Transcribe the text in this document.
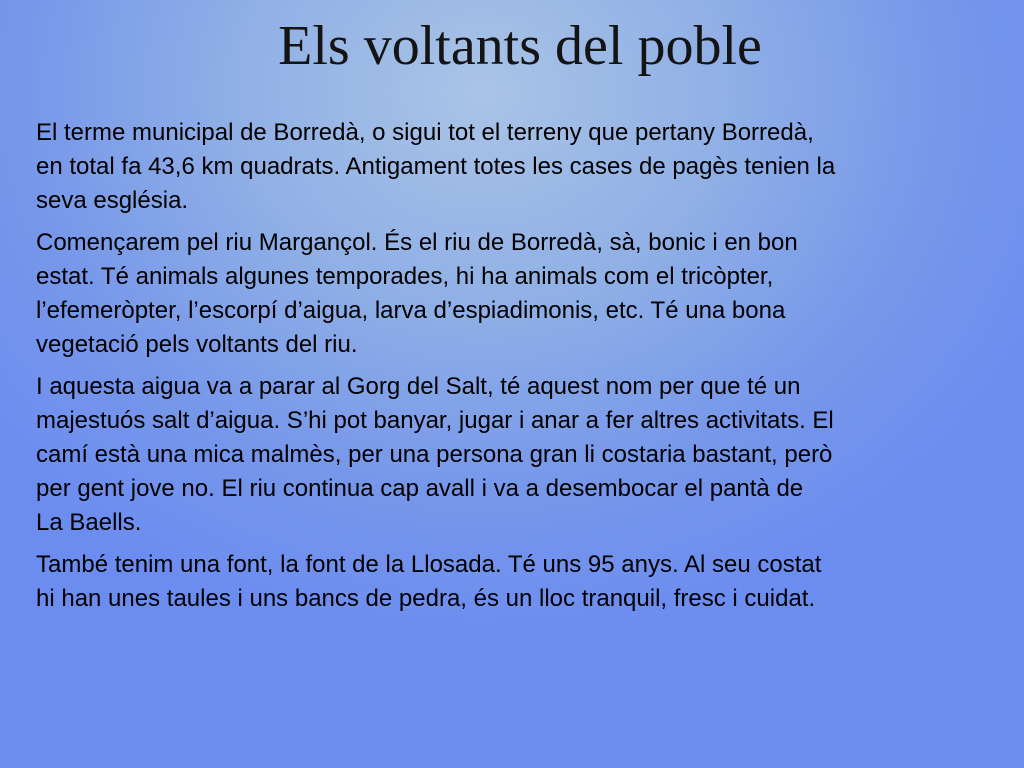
Els voltants del poble

El terme municipal de Borredà, o sigui tot el terreny que pertany Borredà,
en total fa 43,6 km quadrats. Antigament totes les cases de pagès tenien la
seva església.

Començarem pel riu Margançol. És el riu de Borredà, sà, bonic i en bon
estat. Té animals algunes temporades, hi ha animals com el tricòpter,
l’efemeròpter, l’escorpí d’aigua, larva d’espiadimonis, etc. Té una bona
vegetació pels voltants del riu.

I aquesta aigua va a parar al Gorg del Salt, té aquest nom per que té un
majestuós salt d’aigua. S’hi pot banyar, jugar i anar a fer altres activitats. El
camí està una mica malmès, per una persona gran li costaria bastant, però
per gent jove no. El riu continua cap avall i va a desembocar el pantà de
La Baells.

També tenim una font, la font de la Llosada. Té uns 95 anys. Al seu costat
hi han unes taules i uns bancs de pedra, és un lloc tranquil, fresc i cuidat.
